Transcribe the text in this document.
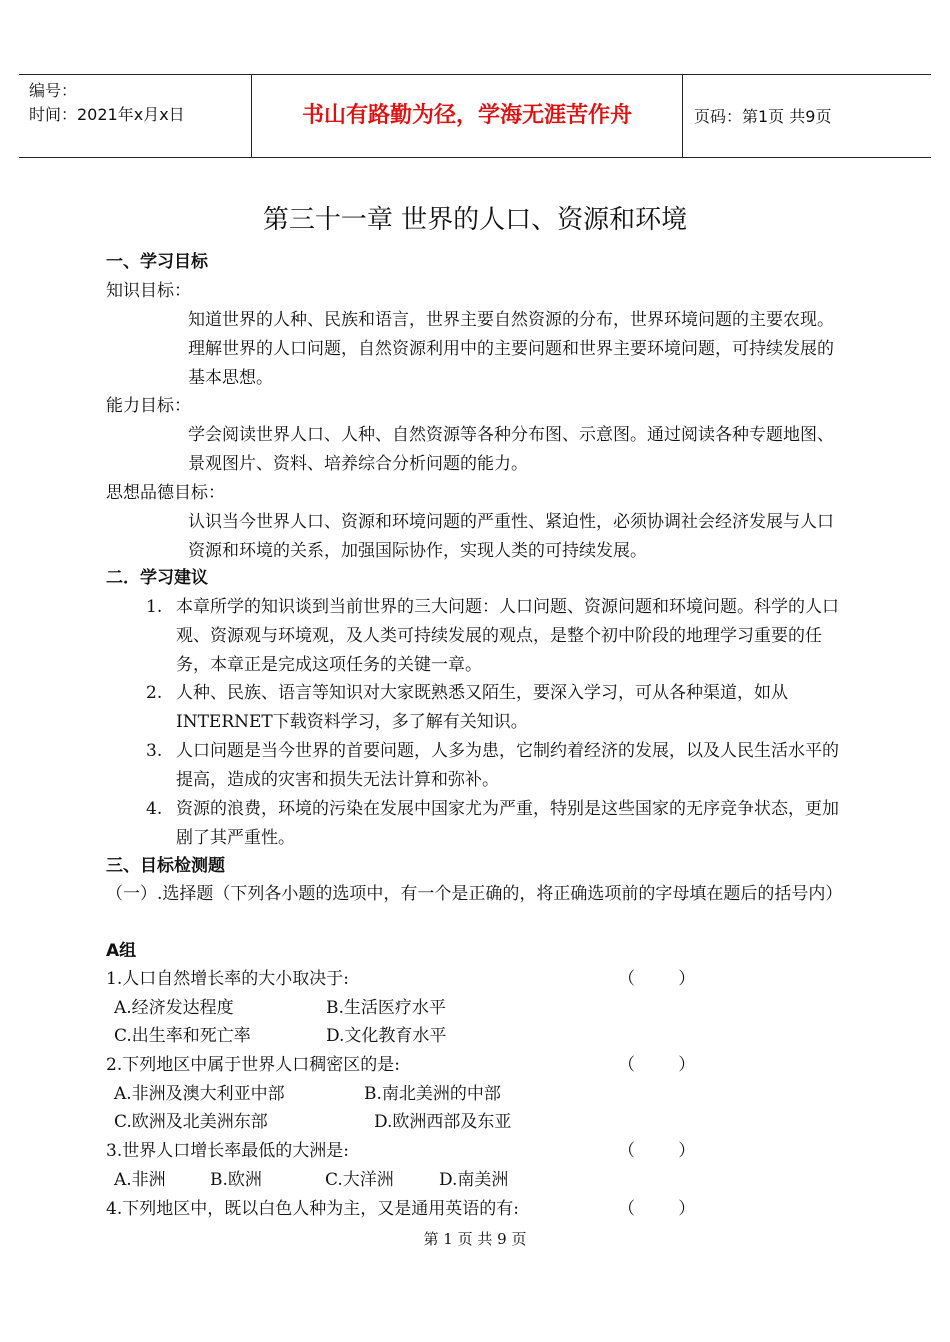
编号：
时间：2021年x月x日	书山有路勤为径，学海无涯苦作舟	页码：第1页 共9页
第三十一章 世界的人口、资源和环境
一、学习目标
知识目标：
知道世界的人种、民族和语言，世界主要自然资源的分布，世界环境问题的主要农现。理解世界的人口问题，自然资源利用中的主要问题和世界主要环境问题，可持续发展的基本思想。
能力目标：
学会阅读世界人口、人种、自然资源等各种分布图、示意图。通过阅读各种专题地图、景观图片、资料、培养综合分析问题的能力。
思想品德目标：
认识当今世界人口、资源和环境问题的严重性、紧迫性，必须协调社会经济发展与人口资源和环境的关系，加强国际协作，实现人类的可持续发展。
二．学习建议
1. 本章所学的知识谈到当前世界的三大问题：人口问题、资源问题和环境问题。科学的人口观、资源观与环境观，及人类可持续发展的观点，是整个初中阶段的地理学习重要的任务，本章正是完成这项任务的关键一章。
2. 人种、民族、语言等知识对大家既熟悉又陌生，要深入学习，可从各种渠道，如从INTERNET下载资料学习，多了解有关知识。
3. 人口问题是当今世界的首要问题，人多为患，它制约着经济的发展，以及人民生活水平的提高，造成的灾害和损失无法计算和弥补。
4. 资源的浪费，环境的污染在发展中国家尤为严重，特别是这些国家的无序竞争状态，更加剧了其严重性。
三、目标检测题
（一）.选择题（下列各小题的选项中，有一个是正确的，将正确选项前的字母填在题后的括号内）
A组
1.人口自然增长率的大小取决于:	（        ）
A.经济发达程度	B.生活医疗水平
C.出生率和死亡率	D.文化教育水平
2.下列地区中属于世界人口稠密区的是:	（        ）
A.非洲及澳大利亚中部	B.南北美洲的中部
C.欧洲及北美洲东部	D.欧洲西部及东亚
3.世界人口增长率最低的大洲是:	（        ）
A.非洲	B.欧洲	C.大洋洲	D.南美洲
4.下列地区中，既以白色人种为主，又是通用英语的有:	（        ）
第 1 页 共 9 页
